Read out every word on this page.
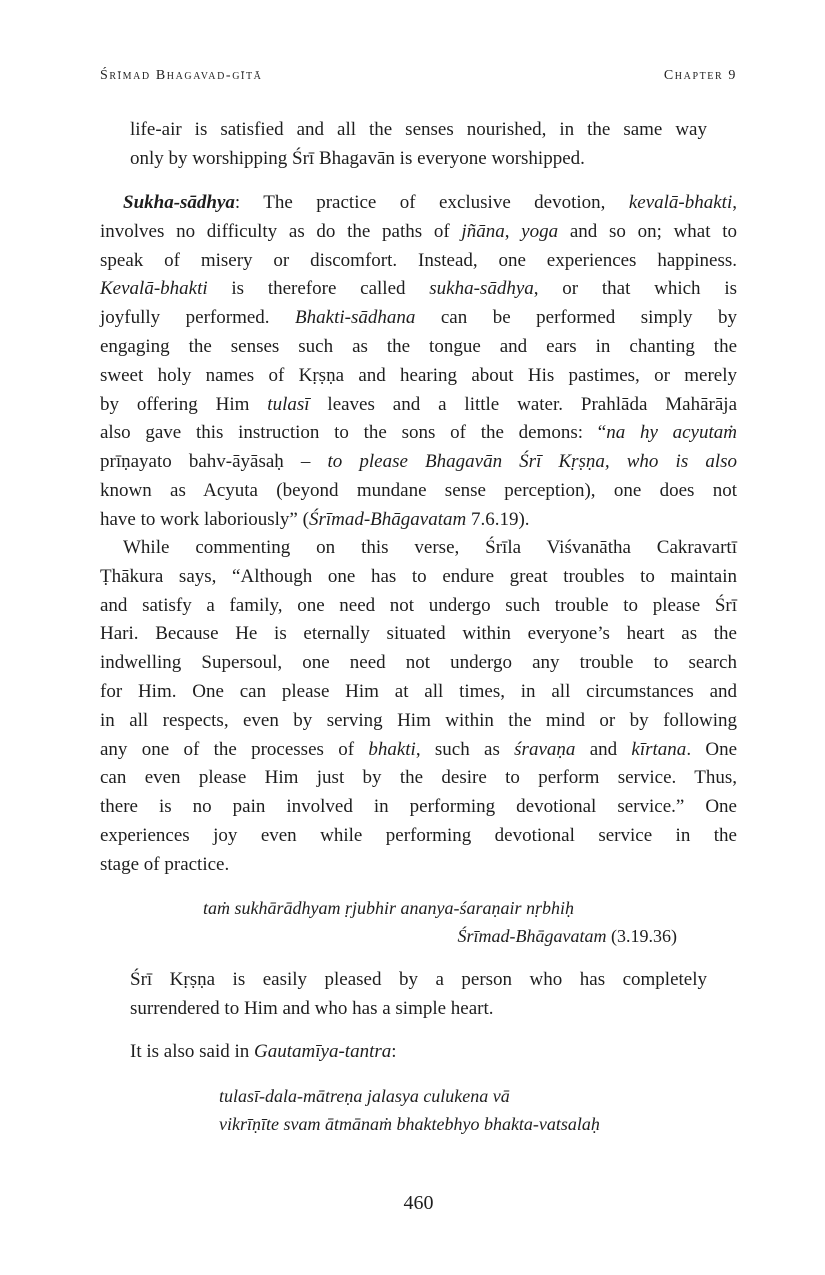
Śrīmad Bhagavad-gītā	Chapter 9
life-air is satisfied and all the senses nourished, in the same way
only by worshipping Śrī Bhagavān is everyone worshipped.
Sukha-sādhya: The practice of exclusive devotion, kevalā-bhakti,
involves no difficulty as do the paths of jñāna, yoga and so on; what to
speak of misery or discomfort. Instead, one experiences happiness.
Kevalā-bhakti is therefore called sukha-sādhya, or that which is
joyfully performed. Bhakti-sādhana can be performed simply by
engaging the senses such as the tongue and ears in chanting the
sweet holy names of Kṛṣṇa and hearing about His pastimes, or merely
by offering Him tulasī leaves and a little water. Prahlāda Mahārāja
also gave this instruction to the sons of the demons: “na hy acyutaṁ
prīṇayato bahv-āyāsaḥ – to please Bhagavān Śrī Kṛṣṇa, who is also
known as Acyuta (beyond mundane sense perception), one does not
have to work laboriously” (Śrīmad-Bhāgavatam 7.6.19).
While commenting on this verse, Śrīla Viśvanātha Cakravartī
Ṭhākura says, “Although one has to endure great troubles to maintain
and satisfy a family, one need not undergo such trouble to please Śrī
Hari. Because He is eternally situated within everyone’s heart as the
indwelling Supersoul, one need not undergo any trouble to search
for Him. One can please Him at all times, in all circumstances and
in all respects, even by serving Him within the mind or by following
any one of the processes of bhakti, such as śravaṇa and kīrtana. One
can even please Him just by the desire to perform service. Thus,
there is no pain involved in performing devotional service.” One
experiences joy even while performing devotional service in the
stage of practice.
taṁ sukhārādhyam ṛjubhir ananya-śaraṇair nṛbhiḥ
Śrīmad-Bhāgavatam (3.19.36)
Śrī Kṛṣṇa is easily pleased by a person who has completely
surrendered to Him and who has a simple heart.
It is also said in Gautamīya-tantra:
tulasī-dala-mātreṇa jalasya culukena vā
vikrīṇīte svam ātmānaṁ bhaktebhyo bhakta-vatsalaḥ
460
